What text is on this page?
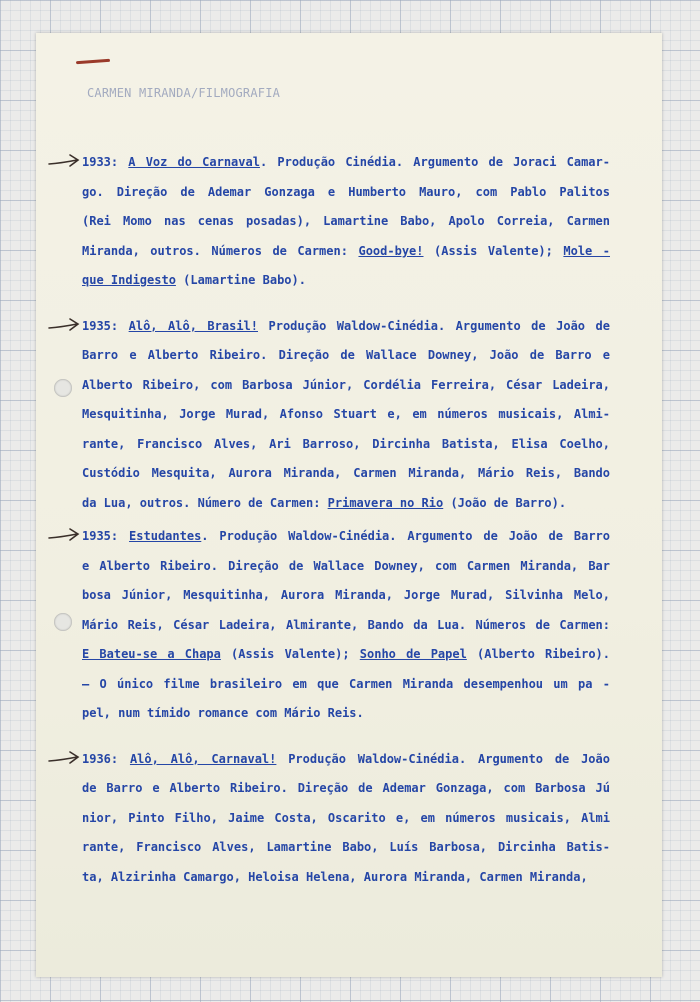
CARMEN MIRANDA/FILMOGRAFIA
1933: A Voz do Carnaval. Produção Cinédia. Argumento de Joraci Camar-
go. Direção de Ademar Gonzaga e Humberto Mauro, com Pablo Palitos
(Rei Momo nas cenas posadas), Lamartine Babo, Apolo Correia, Carmen
Miranda, outros. Números de Carmen: Good-bye! (Assis Valente); Mole -
que Indigesto (Lamartine Babo).
1935: Alô, Alô, Brasil! Produção Waldow-Cinédia. Argumento de João de
Barro e Alberto Ribeiro. Direção de Wallace Downey, João de Barro e
Alberto Ribeiro, com Barbosa Júnior, Cordélia Ferreira, César Ladeira,
Mesquitinha, Jorge Murad, Afonso Stuart e, em números musicais, Almi-
rante, Francisco Alves, Ari Barroso, Dircinha Batista, Elisa Coelho,
Custódio Mesquita, Aurora Miranda, Carmen Miranda, Mário Reis, Bando
da Lua, outros. Número de Carmen: Primavera no Rio (João de Barro).
1935: Estudantes. Produção Waldow-Cinédia. Argumento de João de Barro
e Alberto Ribeiro. Direção de Wallace Downey, com Carmen Miranda, Bar
bosa Júnior, Mesquitinha, Aurora Miranda, Jorge Murad, Silvinha Melo,
Mário Reis, César Ladeira, Almirante, Bando da Lua. Números de Carmen:
E Bateu-se a Chapa (Assis Valente); Sonho de Papel (Alberto Ribeiro).
— O único filme brasileiro em que Carmen Miranda desempenhou um pa -
pel, num tímido romance com Mário Reis.
1936: Alô, Alô, Carnaval! Produção Waldow-Cinédia. Argumento de João
de Barro e Alberto Ribeiro. Direção de Ademar Gonzaga, com Barbosa Jú
nior, Pinto Filho, Jaime Costa, Oscarito e, em números musicais, Almi
rante, Francisco Alves, Lamartine Babo, Luís Barbosa, Dircinha Batis-
ta, Alzirinha Camargo, Heloisa Helena, Aurora Miranda, Carmen Miranda,
